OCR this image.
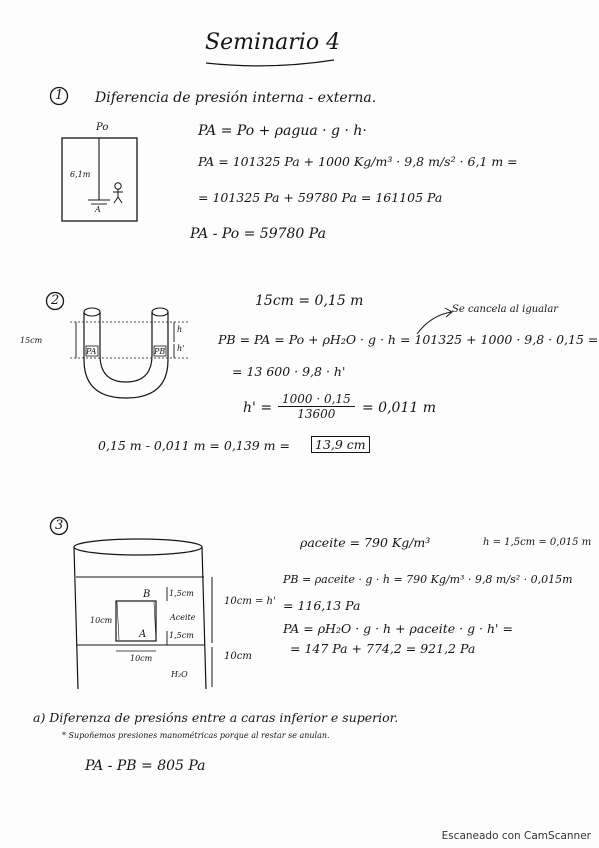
Seminario 4
1 Diferencia de presión interna - externa.
Po
6,1m
A
PA = Po + ρagua · g · h·
PA = 101325 Pa + 1000 Kg/m³ · 9,8 m/s² · 6,1 m =
= 101325 Pa + 59780 Pa = 161105 Pa
PA - Po = 59780 Pa
2
15cm
PA	PB
h
h'
15cm = 0,15 m
Se cancela al igualar
PB = PA = Po + ρH₂O · g · h = 101325 + 1000 · 9,8 · 0,15 =
= 13 600 · 9,8 · h'
$h' = \frac{1000 \cdot 0,15}{13600} = 0,011$ m
0,15 m - 0,011 m = 0,139 m =	13,9 cm
3
1,5cm
B
A
10cm	Aceite
1,5cm
10cm
10cm = h'
10cm
H₂O
ρaceite = 790 Kg/m³	h = 1,5cm = 0,015 m
PB = ρaceite · g · h = 790 Kg/m³ · 9,8 m/s² · 0,015m
= 116,13 Pa
PA = ρH₂O · g · h + ρaceite · g · h' =
= 147 Pa + 774,2 = 921,2 Pa
a) Diferenza de presións entre a caras inferior e superior.
* Supoñemos presiones manométricas porque al restar se anulan.
PA - PB = 805 Pa
Escaneado con CamScanner
